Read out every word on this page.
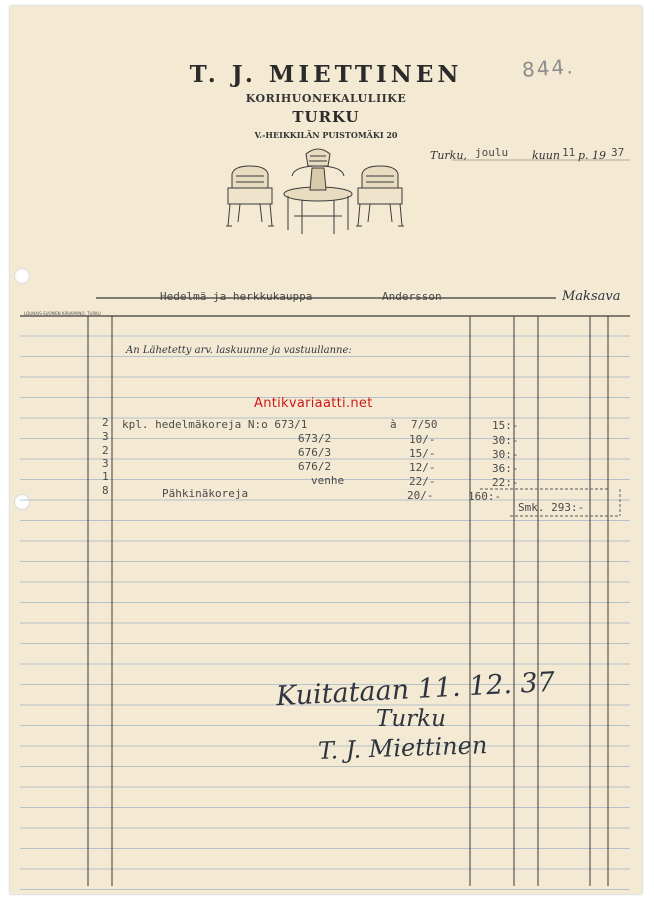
T. J. MIETTINEN
KORIHUONEKALULIIKE
TURKU
V.-HEIKKILÄN PUISTOMÄKI 20
844.
Turku, joulu kuun 11 p. 19 37
Hedelmä ja herkkukauppa	Andersson	Maksava
LOUNAIS-SUOMEN KIRJAPAINO, TURKU
An Lähetetty arv. laskuunne ja vastuullanne:
Antikvariaatti.net
2 kpl. hedelmäkoreja N:o 673/1	à 7/50	15:-
3	673/2	10/-	30:-
2	676/3	15/-	30:-
3	676/2	12/-	36:-
1	venhe	22/-	22:-
8	Pähkinäkoreja	20/-	160:-
Smk. 293:-
Kuitataan 11. 12. 37
Turku
T. J. Miettinen
